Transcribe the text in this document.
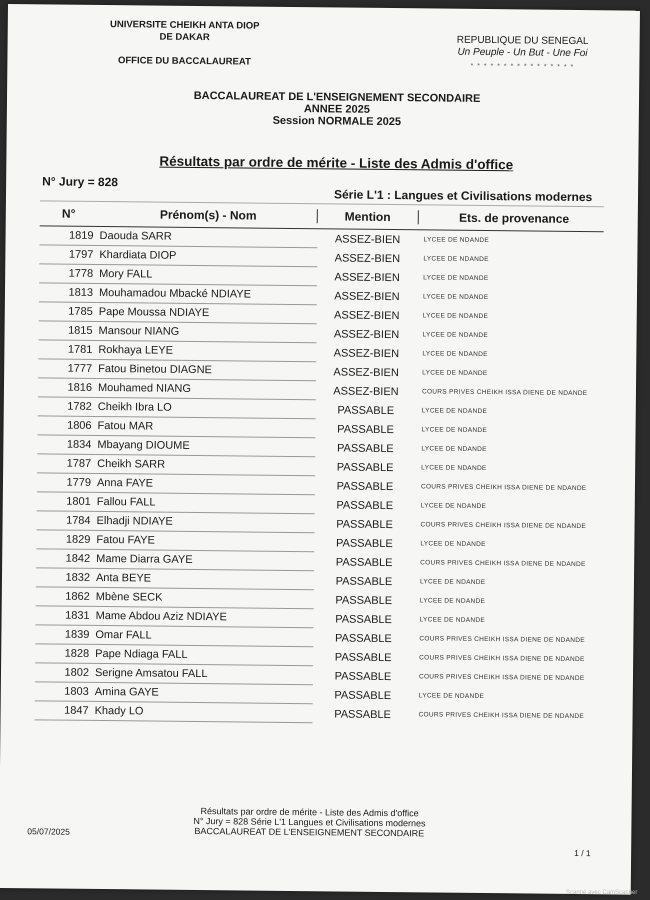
UNIVERSITE CHEIKH ANTA DIOP
DE DAKAR
OFFICE DU BACCALAUREAT
REPUBLIQUE DU SENEGAL
Un Peuple - Un But - Une Foi
* * * * * * * * * * * * * * * *
BACCALAUREAT DE L'ENSEIGNEMENT SECONDAIRE
ANNEE 2025
Session NORMALE 2025
Résultats par ordre de mérite - Liste des Admis d'office
N° Jury = 828
Série L'1 : Langues et Civilisations modernes
N°	Prénom(s) - Nom	Mention	Ets. de provenance
1819 Daouda SARR	ASSEZ-BIEN	LYCEE DE NDANDE
1797 Khardiata DIOP	ASSEZ-BIEN	LYCEE DE NDANDE
1778 Mory FALL	ASSEZ-BIEN	LYCEE DE NDANDE
1813 Mouhamadou Mbacké NDIAYE	ASSEZ-BIEN	LYCEE DE NDANDE
1785 Pape Moussa NDIAYE	ASSEZ-BIEN	LYCEE DE NDANDE
1815 Mansour NIANG	ASSEZ-BIEN	LYCEE DE NDANDE
1781 Rokhaya LEYE	ASSEZ-BIEN	LYCEE DE NDANDE
1777 Fatou Binetou DIAGNE	ASSEZ-BIEN	LYCEE DE NDANDE
1816 Mouhamed NIANG	ASSEZ-BIEN	COURS PRIVES CHEIKH ISSA DIENE DE NDANDE
1782 Cheikh Ibra LO	PASSABLE	LYCEE DE NDANDE
1806 Fatou MAR	PASSABLE	LYCEE DE NDANDE
1834 Mbayang DIOUME	PASSABLE	LYCEE DE NDANDE
1787 Cheikh SARR	PASSABLE	LYCEE DE NDANDE
1779 Anna FAYE	PASSABLE	COURS PRIVES CHEIKH ISSA DIENE DE NDANDE
1801 Fallou FALL	PASSABLE	LYCEE DE NDANDE
1784 Elhadji NDIAYE	PASSABLE	COURS PRIVES CHEIKH ISSA DIENE DE NDANDE
1829 Fatou FAYE	PASSABLE	LYCEE DE NDANDE
1842 Mame Diarra GAYE	PASSABLE	COURS PRIVES CHEIKH ISSA DIENE DE NDANDE
1832 Anta BEYE	PASSABLE	LYCEE DE NDANDE
1862 Mbène SECK	PASSABLE	LYCEE DE NDANDE
1831 Mame Abdou Aziz NDIAYE	PASSABLE	LYCEE DE NDANDE
1839 Omar FALL	PASSABLE	COURS PRIVES CHEIKH ISSA DIENE DE NDANDE
1828 Pape Ndiaga FALL	PASSABLE	COURS PRIVES CHEIKH ISSA DIENE DE NDANDE
1802 Serigne Amsatou FALL	PASSABLE	COURS PRIVES CHEIKH ISSA DIENE DE NDANDE
1803 Amina GAYE	PASSABLE	LYCEE DE NDANDE
1847 Khady LO	PASSABLE	COURS PRIVES CHEIKH ISSA DIENE DE NDANDE
05/07/2025
Résultats par ordre de mérite - Liste des Admis d'office
N° Jury = 828 Série L'1 Langues et Civilisations modernes
BACCALAUREAT DE L'ENSEIGNEMENT SECONDAIRE
1 / 1
Scanné avec CamScanner
